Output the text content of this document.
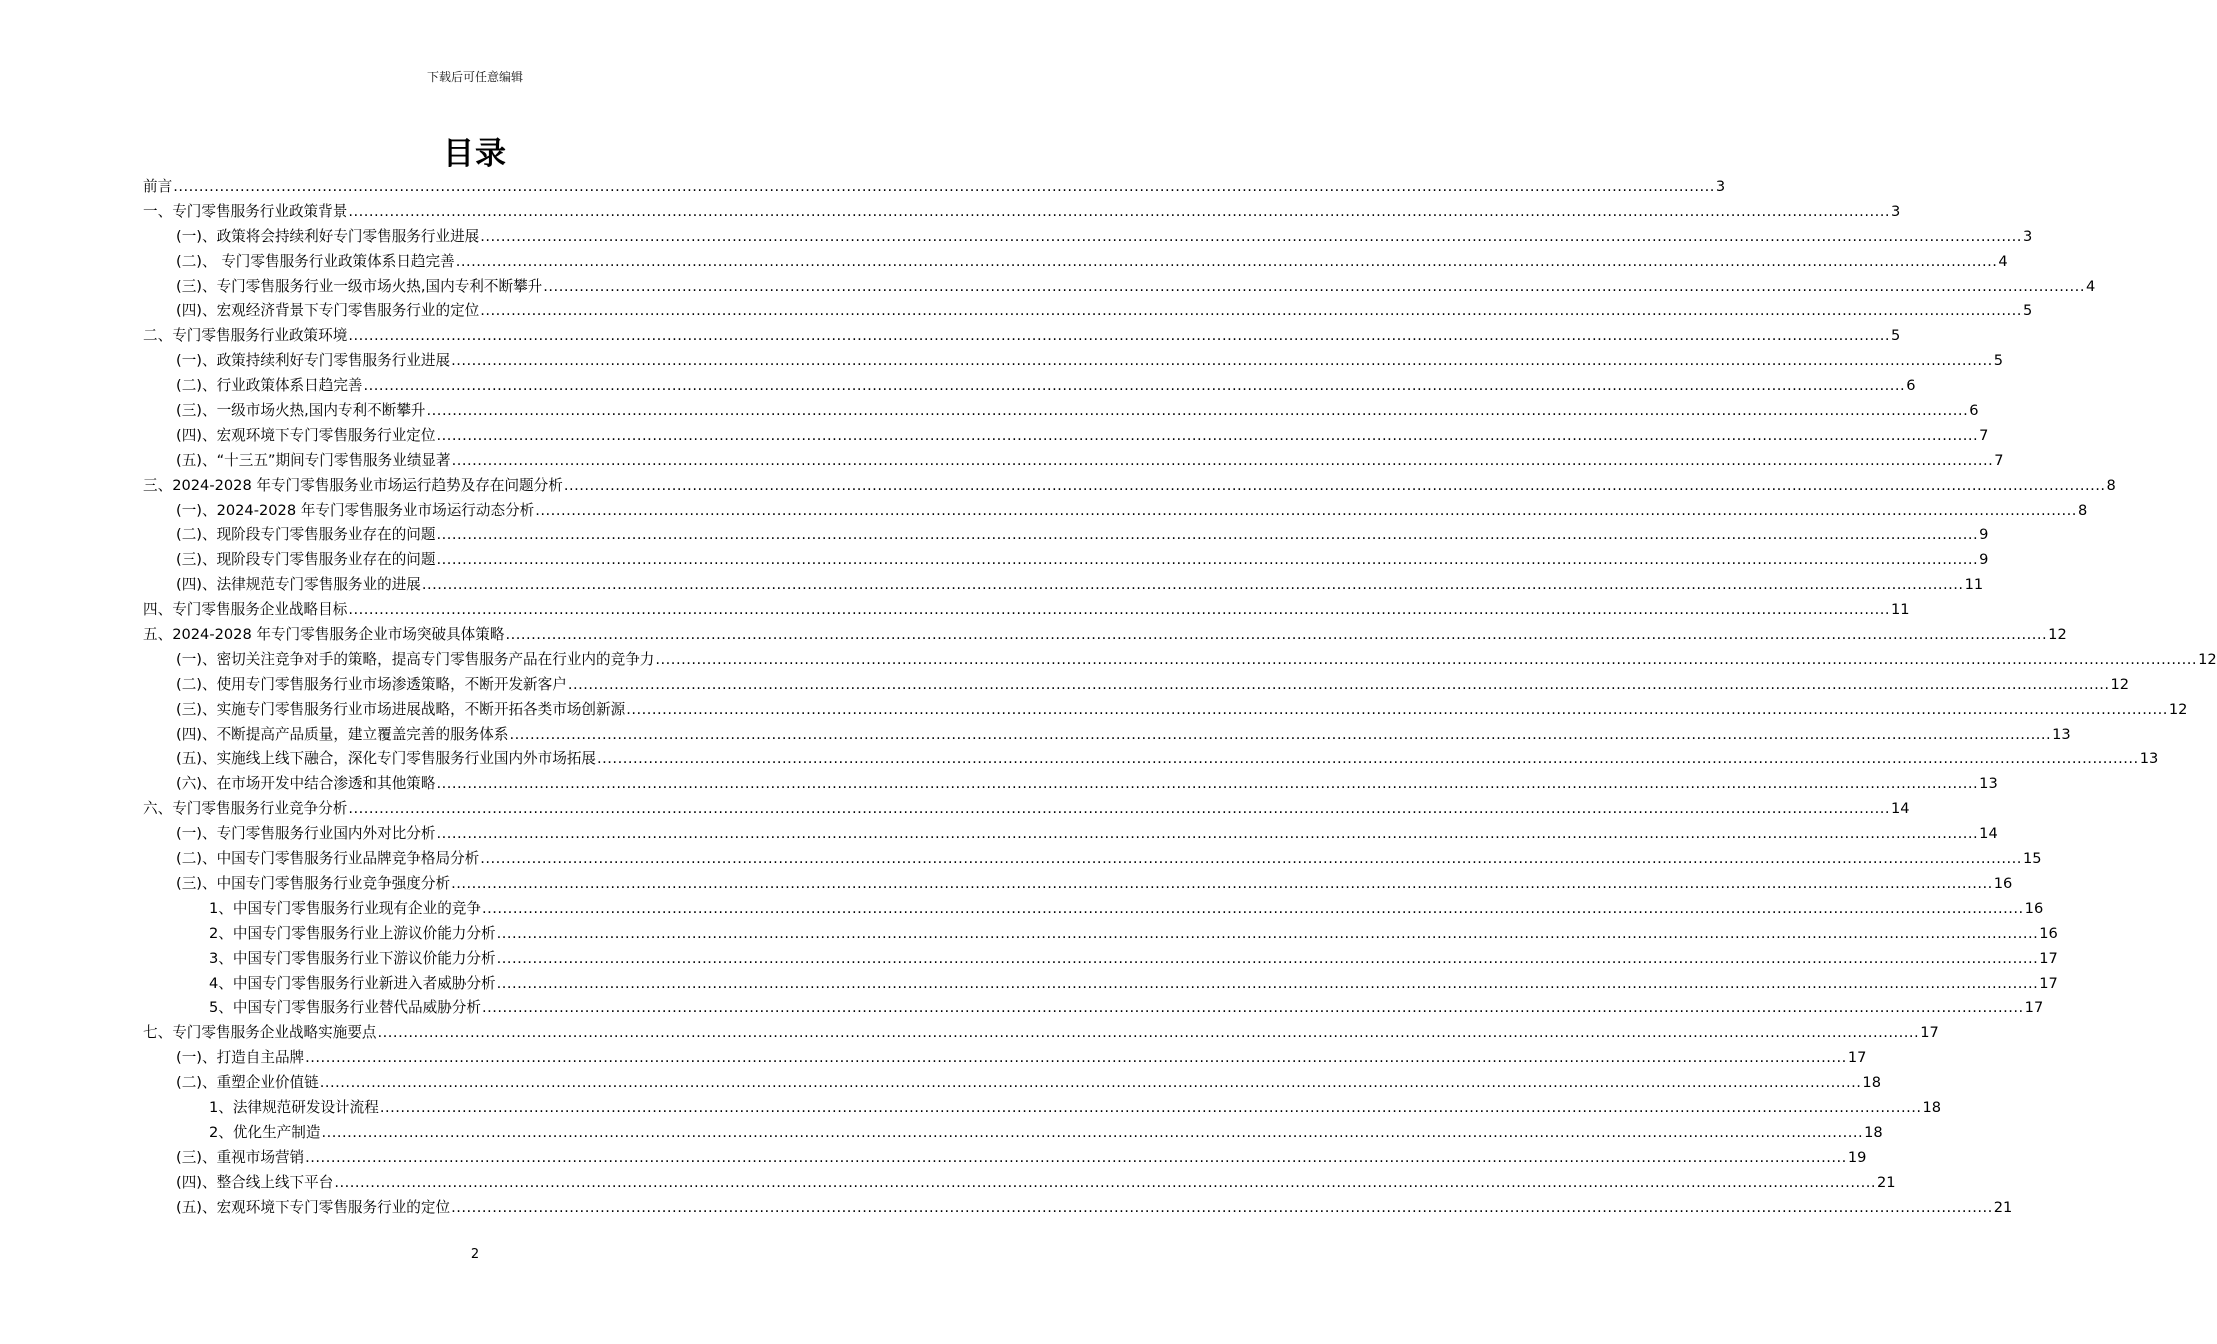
下载后可任意编辑
目录
前言 ............................................................................................................................................................................................................................................................................................................ 3
一、专门零售服务行业政策背景 ............................................................................................................................................................................................................................................................................................................ 3
(一)、政策将会持续利好专门零售服务行业进展 ............................................................................................................................................................................................................................................................................................................ 3
(二)、 专门零售服务行业政策体系日趋完善 ............................................................................................................................................................................................................................................................................................................ 4
(三)、专门零售服务行业一级市场火热,国内专利不断攀升 ............................................................................................................................................................................................................................................................................................................ 4
(四)、宏观经济背景下专门零售服务行业的定位 ............................................................................................................................................................................................................................................................................................................ 5
二、专门零售服务行业政策环境 ............................................................................................................................................................................................................................................................................................................ 5
(一)、政策持续利好专门零售服务行业进展 ............................................................................................................................................................................................................................................................................................................ 5
(二)、行业政策体系日趋完善 ............................................................................................................................................................................................................................................................................................................ 6
(三)、一级市场火热,国内专利不断攀升 ............................................................................................................................................................................................................................................................................................................ 6
(四)、宏观环境下专门零售服务行业定位 ............................................................................................................................................................................................................................................................................................................ 7
(五)、“十三五”期间专门零售服务业绩显著 ............................................................................................................................................................................................................................................................................................................ 7
三、2024-2028 年专门零售服务业市场运行趋势及存在问题分析 ............................................................................................................................................................................................................................................................................................................ 8
(一)、2024-2028 年专门零售服务业市场运行动态分析 ............................................................................................................................................................................................................................................................................................................ 8
(二)、现阶段专门零售服务业存在的问题 ............................................................................................................................................................................................................................................................................................................ 9
(三)、现阶段专门零售服务业存在的问题 ............................................................................................................................................................................................................................................................................................................ 9
(四)、法律规范专门零售服务业的进展 ............................................................................................................................................................................................................................................................................................................ 11
四、专门零售服务企业战略目标 ............................................................................................................................................................................................................................................................................................................ 11
五、2024-2028 年专门零售服务企业市场突破具体策略 ............................................................................................................................................................................................................................................................................................................ 12
(一)、密切关注竞争对手的策略，提高专门零售服务产品在行业内的竞争力 ............................................................................................................................................................................................................................................................................................................ 12
(二)、使用专门零售服务行业市场渗透策略，不断开发新客户 ............................................................................................................................................................................................................................................................................................................ 12
(三)、实施专门零售服务行业市场进展战略，不断开拓各类市场创新源 ............................................................................................................................................................................................................................................................................................................ 12
(四)、不断提高产品质量，建立覆盖完善的服务体系 ............................................................................................................................................................................................................................................................................................................ 13
(五)、实施线上线下融合，深化专门零售服务行业国内外市场拓展 ............................................................................................................................................................................................................................................................................................................ 13
(六)、在市场开发中结合渗透和其他策略 ............................................................................................................................................................................................................................................................................................................ 13
六、专门零售服务行业竞争分析 ............................................................................................................................................................................................................................................................................................................ 14
(一)、专门零售服务行业国内外对比分析 ............................................................................................................................................................................................................................................................................................................ 14
(二)、中国专门零售服务行业品牌竞争格局分析 ............................................................................................................................................................................................................................................................................................................ 15
(三)、中国专门零售服务行业竞争强度分析 ............................................................................................................................................................................................................................................................................................................ 16
1、中国专门零售服务行业现有企业的竞争 ............................................................................................................................................................................................................................................................................................................ 16
2、中国专门零售服务行业上游议价能力分析 ............................................................................................................................................................................................................................................................................................................ 16
3、中国专门零售服务行业下游议价能力分析 ............................................................................................................................................................................................................................................................................................................ 17
4、中国专门零售服务行业新进入者威胁分析 ............................................................................................................................................................................................................................................................................................................ 17
5、中国专门零售服务行业替代品威胁分析 ............................................................................................................................................................................................................................................................................................................ 17
七、专门零售服务企业战略实施要点 ............................................................................................................................................................................................................................................................................................................ 17
(一)、打造自主品牌 ............................................................................................................................................................................................................................................................................................................ 17
(二)、重塑企业价值链 ............................................................................................................................................................................................................................................................................................................ 18
1、法律规范研发设计流程 ............................................................................................................................................................................................................................................................................................................ 18
2、优化生产制造 ............................................................................................................................................................................................................................................................................................................ 18
(三)、重视市场营销 ............................................................................................................................................................................................................................................................................................................ 19
(四)、整合线上线下平台 ............................................................................................................................................................................................................................................................................................................ 21
(五)、宏观环境下专门零售服务行业的定位 ............................................................................................................................................................................................................................................................................................................ 21
2
